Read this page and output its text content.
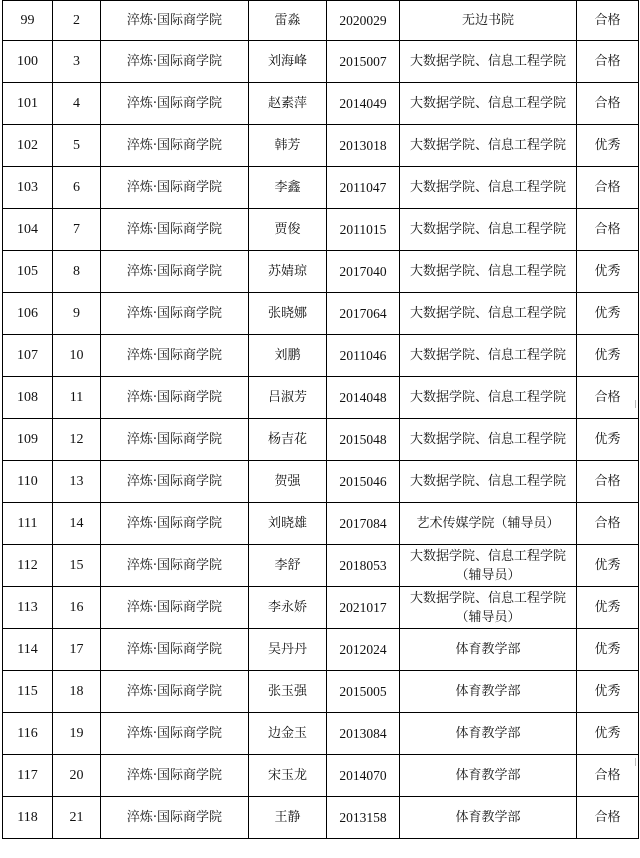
99	2	淬炼·国际商学院	雷淼	2020029	无边书院	合格
100	3	淬炼·国际商学院	刘海峰	2015007	大数据学院、信息工程学院	合格
101	4	淬炼·国际商学院	赵素萍	2014049	大数据学院、信息工程学院	合格
102	5	淬炼·国际商学院	韩芳	2013018	大数据学院、信息工程学院	优秀
103	6	淬炼·国际商学院	李鑫	2011047	大数据学院、信息工程学院	合格
104	7	淬炼·国际商学院	贾俊	2011015	大数据学院、信息工程学院	合格
105	8	淬炼·国际商学院	苏婧琼	2017040	大数据学院、信息工程学院	优秀
106	9	淬炼·国际商学院	张晓娜	2017064	大数据学院、信息工程学院	优秀
107	10	淬炼·国际商学院	刘鹏	2011046	大数据学院、信息工程学院	优秀
108	11	淬炼·国际商学院	吕淑芳	2014048	大数据学院、信息工程学院	合格
109	12	淬炼·国际商学院	杨吉花	2015048	大数据学院、信息工程学院	优秀
110	13	淬炼·国际商学院	贺强	2015046	大数据学院、信息工程学院	合格
111	14	淬炼·国际商学院	刘晓雄	2017084	艺术传媒学院（辅导员）	合格
112	15	淬炼·国际商学院	李舒	2018053	大数据学院、信息工程学院（辅导员）	优秀
113	16	淬炼·国际商学院	李永娇	2021017	大数据学院、信息工程学院（辅导员）	优秀
114	17	淬炼·国际商学院	吴丹丹	2012024	体育教学部	优秀
115	18	淬炼·国际商学院	张玉强	2015005	体育教学部	优秀
116	19	淬炼·国际商学院	边金玉	2013084	体育教学部	优秀
117	20	淬炼·国际商学院	宋玉龙	2014070	体育教学部	合格
118	21	淬炼·国际商学院	王静	2013158	体育教学部	合格
